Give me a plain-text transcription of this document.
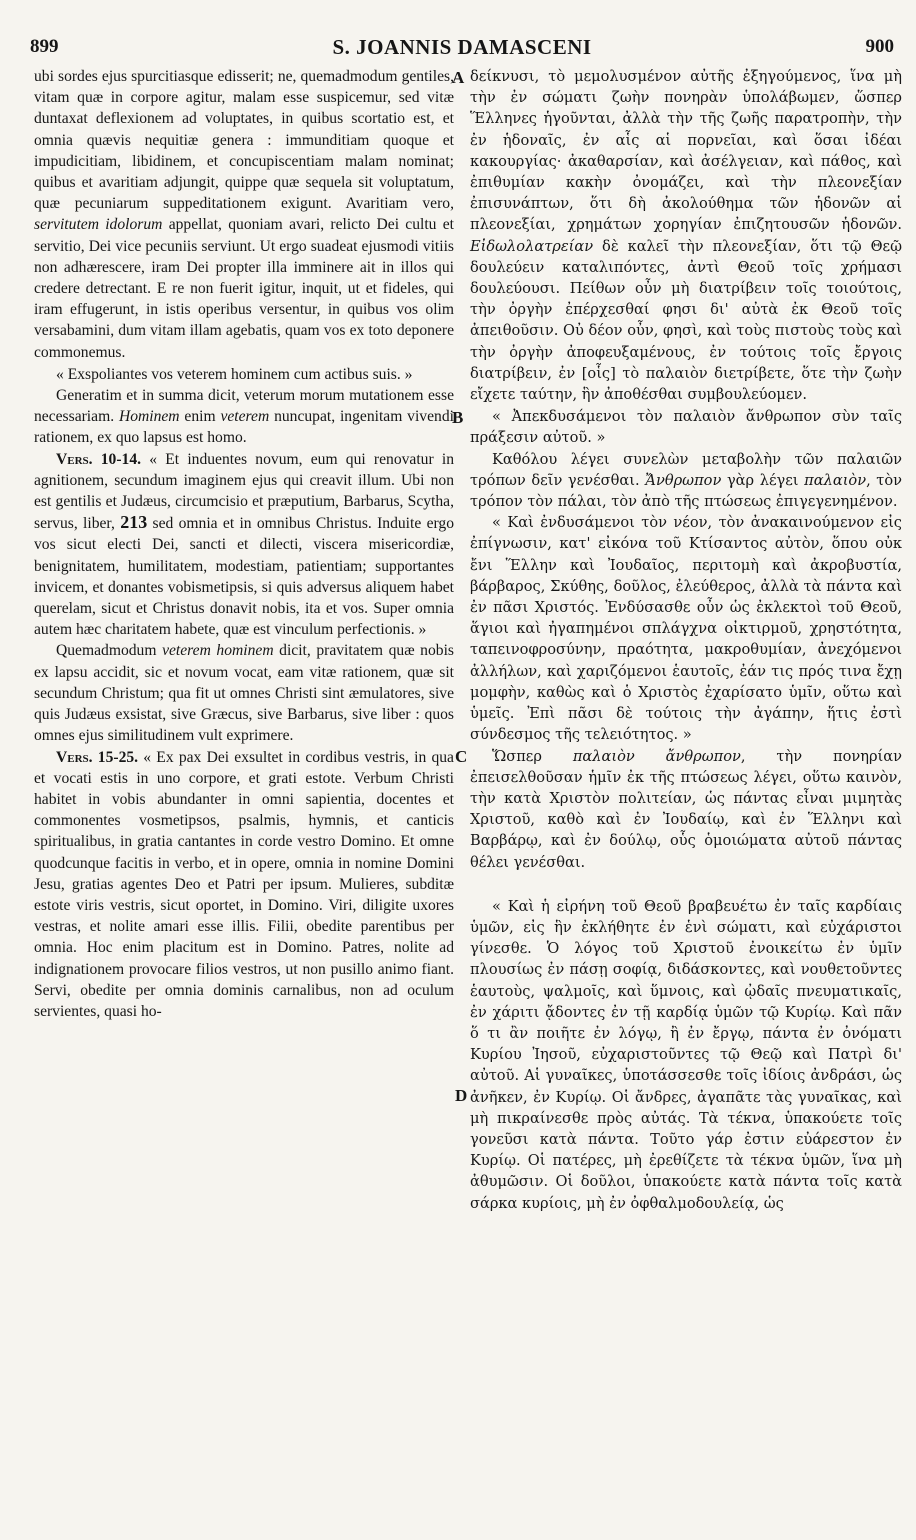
899	S. JOANNIS DAMASCENI	900
A
B
C
D

ubi sordes ejus spurcitiasque edisserit; ne, quemadmodum gentiles, vitam quæ in corpore agitur, malam esse suspicemur, sed vitæ duntaxat deflexionem ad voluptates, in quibus scortatio est, et omnia quævis nequitiæ genera : immunditiam quoque et impudicitiam, libidinem, et concupiscentiam malam nominat; quibus et avaritiam adjungit, quippe quæ sequela sit voluptatum, quæ pecuniarum suppeditationem exigunt. Avaritiam vero, servitutem idolorum appellat, quoniam avari, relicto Dei cultu et servitio, Dei vice pecuniis serviunt. Ut ergo suadeat ejusmodi vitiis non adhærescere, iram Dei propter illa imminere ait in illos qui credere detrectant. E re non fuerit igitur, inquit, ut et fideles, qui iram effugerunt, in istis operibus versentur, in quibus vos olim versabamini, dum vitam illam agebatis, quam vos ex toto deponere commonemus.

« Exspoliantes vos veterem hominem cum actibus suis. »

Generatim et in summa dicit, veterum morum mutationem esse necessariam. Hominem enim veterem nuncupat, ingenitam vivendi rationem, ex quo lapsus est homo.

Vers. 10-14. « Et induentes novum, eum qui renovatur in agnitionem, secundum imaginem ejus qui creavit illum. Ubi non est gentilis et Judæus, circumcisio et præputium, Barbarus, Scytha, servus, liber, 213 sed omnia et in omnibus Christus. Induite ergo vos sicut electi Dei, sancti et dilecti, viscera misericordiæ, benignitatem, humilitatem, modestiam, patientiam; supportantes invicem, et donantes vobismetipsis, si quis adversus aliquem habet querelam, sicut et Christus donavit nobis, ita et vos. Super omnia autem hæc charitatem habete, quæ est vinculum perfectionis. »

Quemadmodum veterem hominem dicit, pravitatem quæ nobis ex lapsu accidit, sic et novum vocat, eam vitæ rationem, quæ sit secundum Christum; qua fit ut omnes Christi sint æmulatores, sive quis Judæus exsistat, sive Græcus, sive Barbarus, sive liber : quos omnes ejus similitudinem vult exprimere.

Vers. 15-25. « Ex pax Dei exsultet in cordibus vestris, in qua et vocati estis in uno corpore, et grati estote. Verbum Christi habitet in vobis abundanter in omni sapientia, docentes et commonentes vosmetipsos, psalmis, hymnis, et canticis spiritualibus, in gratia cantantes in corde vestro Domino. Et omne quodcunque facitis in verbo, et in opere, omnia in nomine Domini Jesu, gratias agentes Deo et Patri per ipsum. Mulieres, subditæ estote viris vestris, sicut oportet, in Domino. Viri, diligite uxores vestras, et nolite amari esse illis. Filii, obedite parentibus per omnia. Hoc enim placitum est in Domino. Patres, nolite ad indignationem provocare filios vestros, ut non pusillo animo fiant. Servi, obedite per omnia dominis carnalibus, non ad oculum servientes, quasi ho-

δείκνυσι, τὸ μεμολυσμένον αὐτῆς ἐξηγούμενος, ἵνα μὴ τὴν ἐν σώματι ζωὴν πονηρὰν ὑπολάβωμεν, ὥσπερ Ἕλληνες ἡγοῦνται, ἀλλὰ τὴν τῆς ζωῆς παρατροπὴν, τὴν ἐν ἡδοναῖς, ἐν αἷς αἱ πορνεῖαι, καὶ ὅσαι ἰδέαι κακουργίας· ἀκαθαρσίαν, καὶ ἀσέλγειαν, καὶ πάθος, καὶ ἐπιθυμίαν κακὴν ὀνομάζει, καὶ τὴν πλεονεξίαν ἐπισυνάπτων, ὅτι δὴ ἀκολούθημα τῶν ἡδονῶν αἱ πλεονεξίαι, χρημάτων χορηγίαν ἐπιζητουσῶν ἡδονῶν. Εἰδωλολατρείαν δὲ καλεῖ τὴν πλεονεξίαν, ὅτι τῷ Θεῷ δουλεύειν καταλιπόντες, ἀντὶ Θεοῦ τοῖς χρήμασι δουλεύουσι. Πείθων οὖν μὴ διατρίβειν τοῖς τοιούτοις, τὴν ὀργὴν ἐπέρχεσθαί φησι δι' αὐτὰ ἐκ Θεοῦ τοῖς ἀπειθοῦσιν. Οὐ δέον οὖν, φησὶ, καὶ τοὺς πιστοὺς τοὺς καὶ τὴν ὀργὴν ἀποφευξαμένους, ἐν τούτοις τοῖς ἔργοις διατρίβειν, ἐν [οἷς] τὸ παλαιὸν διετρίβετε, ὅτε τὴν ζωὴν εἴχετε ταύτην, ἣν ἀποθέσθαι συμβουλεύομεν.

« Ἀπεκδυσάμενοι τὸν παλαιὸν ἄνθρωπον σὺν ταῖς πράξεσιν αὐτοῦ. »

Καθόλου λέγει συνελὼν μεταβολὴν τῶν παλαιῶν τρόπων δεῖν γενέσθαι. Ἄνθρωπον γὰρ λέγει παλαιὸν, τὸν τρόπον τὸν πάλαι, τὸν ἀπὸ τῆς πτώσεως ἐπιγεγενημένον.

« Καὶ ἐνδυσάμενοι τὸν νέον, τὸν ἀνακαινούμενον εἰς ἐπίγνωσιν, κατ' εἰκόνα τοῦ Κτίσαντος αὐτὸν, ὅπου οὐκ ἔνι Ἕλλην καὶ Ἰουδαῖος, περιτομὴ καὶ ἀκροβυστία, βάρβαρος, Σκύθης, δοῦλος, ἐλεύθερος, ἀλλὰ τὰ πάντα καὶ ἐν πᾶσι Χριστός. Ἐνδύσασθε οὖν ὡς ἐκλεκτοὶ τοῦ Θεοῦ, ἅγιοι καὶ ἠγαπημένοι σπλάγχνα οἰκτιρμοῦ, χρηστότητα, ταπεινοφροσύνην, πραότητα, μακροθυμίαν, ἀνεχόμενοι ἀλλήλων, καὶ χαριζόμενοι ἑαυτοῖς, ἐάν τις πρός τινα ἔχῃ μομφὴν, καθὼς καὶ ὁ Χριστὸς ἐχαρίσατο ὑμῖν, οὕτω καὶ ὑμεῖς. Ἐπὶ πᾶσι δὲ τούτοις τὴν ἀγάπην, ἥτις ἐστὶ σύνδεσμος τῆς τελειότητος. »

Ὥσπερ παλαιὸν ἄνθρωπον, τὴν πονηρίαν ἐπεισελθοῦσαν ἡμῖν ἐκ τῆς πτώσεως λέγει, οὕτω καινὸν, τὴν κατὰ Χριστὸν πολιτείαν, ὡς πάντας εἶναι μιμητὰς Χριστοῦ, καθὸ καὶ ἐν Ἰουδαίῳ, καὶ ἐν Ἕλληνι καὶ Βαρβάρῳ, καὶ ἐν δούλῳ, οὗς ὁμοιώματα αὐτοῦ πάντας θέλει γενέσθαι.

« Καὶ ἡ εἰρήνη τοῦ Θεοῦ βραβευέτω ἐν ταῖς καρδίαις ὑμῶν, εἰς ἣν ἐκλήθητε ἐν ἑνὶ σώματι, καὶ εὐχάριστοι γίνεσθε. Ὁ λόγος τοῦ Χριστοῦ ἐνοικείτω ἐν ὑμῖν πλουσίως ἐν πάσῃ σοφίᾳ, διδάσκοντες, καὶ νουθετοῦντες ἑαυτοὺς, ψαλμοῖς, καὶ ὕμνοις, καὶ ᾠδαῖς πνευματικαῖς, ἐν χάριτι ᾄδοντες ἐν τῇ καρδίᾳ ὑμῶν τῷ Κυρίῳ. Καὶ πᾶν ὅ τι ἂν ποιῆτε ἐν λόγῳ, ἢ ἐν ἔργῳ, πάντα ἐν ὀνόματι Κυρίου Ἰησοῦ, εὐχαριστοῦντες τῷ Θεῷ καὶ Πατρὶ δι' αὐτοῦ. Αἱ γυναῖκες, ὑποτάσσεσθε τοῖς ἰδίοις ἀνδράσι, ὡς ἀνῆκεν, ἐν Κυρίῳ. Οἱ ἄνδρες, ἀγαπᾶτε τὰς γυναῖκας, καὶ μὴ πικραίνεσθε πρὸς αὐτάς. Τὰ τέκνα, ὑπακούετε τοῖς γονεῦσι κατὰ πάντα. Τοῦτο γάρ ἐστιν εὐάρεστον ἐν Κυρίῳ. Οἱ πατέρες, μὴ ἐρεθίζετε τὰ τέκνα ὑμῶν, ἵνα μὴ ἀθυμῶσιν. Οἱ δοῦλοι, ὑπακούετε κατὰ πάντα τοῖς κατὰ σάρκα κυρίοις, μὴ ἐν ὀφθαλμοδουλείᾳ, ὡς
